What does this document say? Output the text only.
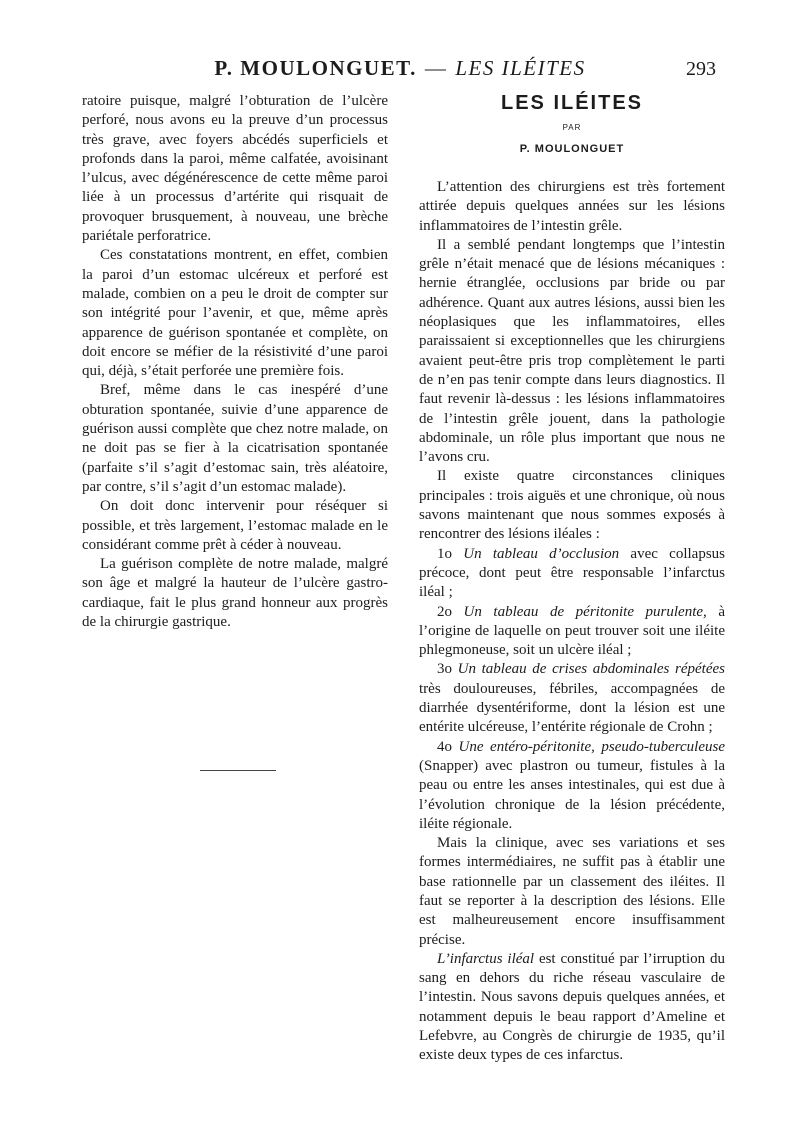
P. MOULONGUET. — LES ILÉITES	293

ratoire puisque, malgré l’obturation de l’ulcère perforé, nous avons eu la preuve d’un processus très grave, avec foyers abcédés superficiels et profonds dans la paroi, même calfatée, avoisinant l’ulcus, avec dégénérescence de cette même paroi liée à un processus d’artérite qui risquait de provoquer brusquement, à nouveau, une brèche pariétale perforatrice.

Ces constatations montrent, en effet, combien la paroi d’un estomac ulcéreux et perforé est malade, combien on a peu le droit de compter sur son intégrité pour l’avenir, et que, même après apparence de guérison spontanée et complète, on doit encore se méfier de la résistivité d’une paroi qui, déjà, s’était perforée une première fois.

Bref, même dans le cas inespéré d’une obturation spontanée, suivie d’une apparence de guérison aussi complète que chez notre malade, on ne doit pas se fier à la cicatrisation spontanée (parfaite s’il s’agit d’estomac sain, très aléatoire, par contre, s’il s’agit d’un estomac malade).

On doit donc intervenir pour réséquer si possible, et très largement, l’estomac malade en le considérant comme prêt à céder à nouveau.

La guérison complète de notre malade, malgré son âge et malgré la hauteur de l’ulcère gastro-cardiaque, fait le plus grand honneur aux progrès de la chirurgie gastrique.

LES ILÉITES
PAR
P. MOULONGUET

L’attention des chirurgiens est très fortement attirée depuis quelques années sur les lésions inflammatoires de l’intestin grêle.

Il a semblé pendant longtemps que l’intestin grêle n’était menacé que de lésions mécaniques : hernie étranglée, occlusions par bride ou par adhérence. Quant aux autres lésions, aussi bien les néoplasiques que les inflammatoires, elles paraissaient si exceptionnelles que les chirurgiens avaient peut-être pris trop complètement le parti de n’en pas tenir compte dans leurs diagnostics. Il faut revenir là-dessus : les lésions inflammatoires de l’intestin grêle jouent, dans la pathologie abdominale, un rôle plus important que nous ne l’avons cru.

Il existe quatre circonstances cliniques principales : trois aiguës et une chronique, où nous savons maintenant que nous sommes exposés à rencontrer des lésions iléales :

1o Un tableau d’occlusion avec collapsus précoce, dont peut être responsable l’infarctus iléal ;

2o Un tableau de péritonite purulente, à l’origine de laquelle on peut trouver soit une iléite phlegmoneuse, soit un ulcère iléal ;

3o Un tableau de crises abdominales répétées très douloureuses, fébriles, accompagnées de diarrhée dysentériforme, dont la lésion est une entérite ulcéreuse, l’entérite régionale de Crohn ;

4o Une entéro-péritonite, pseudo-tuberculeuse (Snapper) avec plastron ou tumeur, fistules à la peau ou entre les anses intestinales, qui est due à l’évolution chronique de la lésion précédente, iléite régionale.

Mais la clinique, avec ses variations et ses formes intermédiaires, ne suffit pas à établir une base rationnelle par un classement des iléites. Il faut se reporter à la description des lésions. Elle est malheureusement encore insuffisamment précise.

L’infarctus iléal est constitué par l’irruption du sang en dehors du riche réseau vasculaire de l’intestin. Nous savons depuis quelques années, et notamment depuis le beau rapport d’Ameline et Lefebvre, au Congrès de chirurgie de 1935, qu’il existe deux types de ces infarctus.
